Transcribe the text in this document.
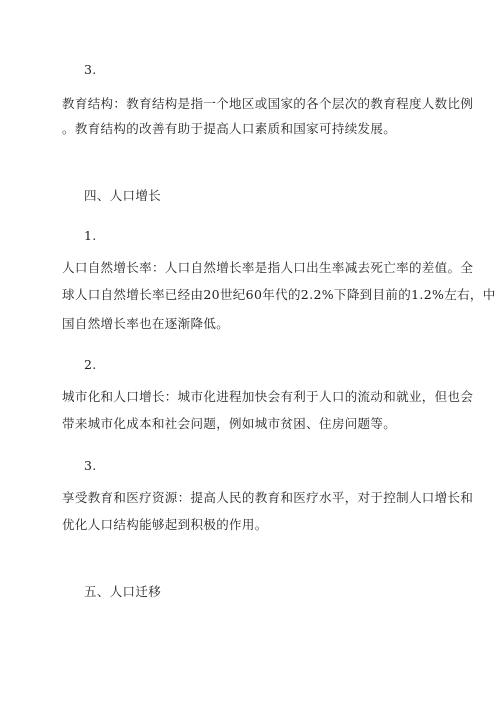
3.
教育结构：教育结构是指一个地区或国家的各个层次的教育程度人数比例
。教育结构的改善有助于提高人口素质和国家可持续发展。
四、人口增长
1.
人口自然增长率：人口自然增长率是指人口出生率减去死亡率的差值。全
球人口自然增长率已经由20世纪60年代的2.2%下降到目前的1.2%左右，中
国自然增长率也在逐渐降低。
2.
城市化和人口增长：城市化进程加快会有利于人口的流动和就业，但也会
带来城市化成本和社会问题，例如城市贫困、住房问题等。
3.
享受教育和医疗资源：提高人民的教育和医疗水平，对于控制人口增长和
优化人口结构能够起到积极的作用。
五、人口迁移
